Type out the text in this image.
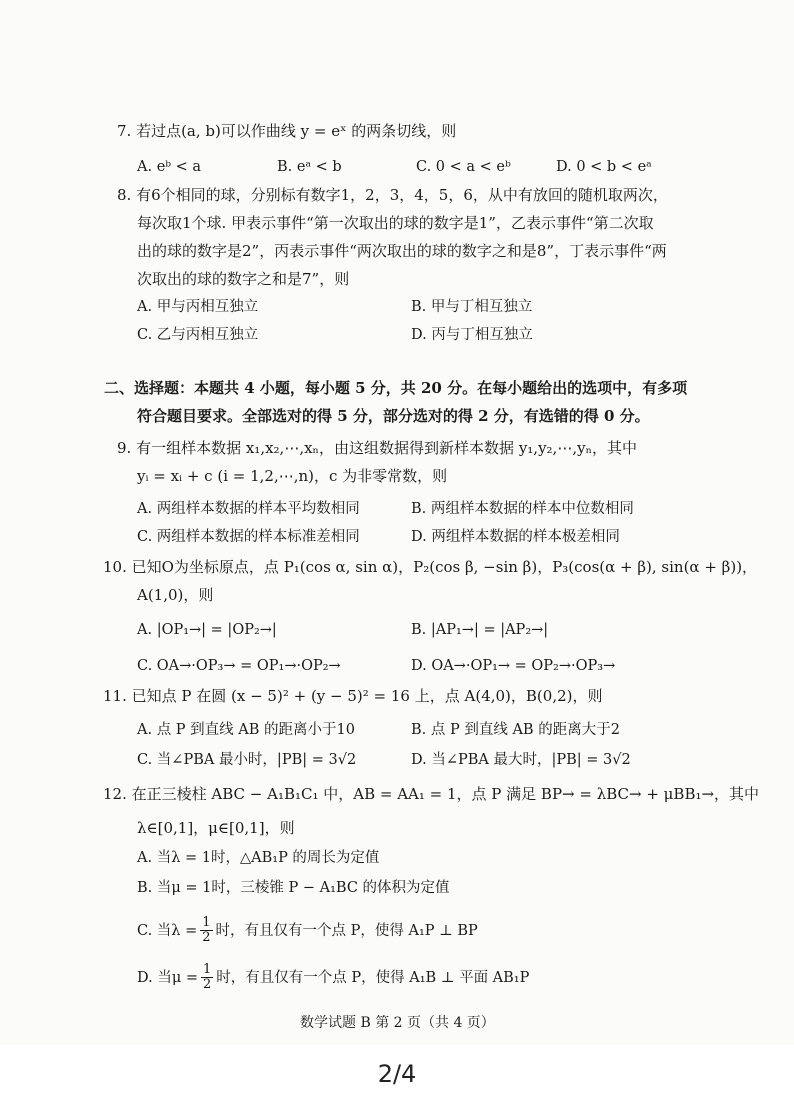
7. 若过点(a, b)可以作曲线 y = eˣ 的两条切线，则
A. eᵇ < a	B. eᵃ < b	C. 0 < a < eᵇ	D. 0 < b < eᵃ
8. 有6个相同的球，分别标有数字1，2，3，4，5，6，从中有放回的随机取两次，
每次取1个球. 甲表示事件“第一次取出的球的数字是1”，乙表示事件“第二次取
出的球的数字是2”，丙表示事件“两次取出的球的数字之和是8”，丁表示事件“两
次取出的球的数字之和是7”，则
A. 甲与丙相互独立	B. 甲与丁相互独立
C. 乙与丙相互独立	D. 丙与丁相互独立
二、选择题：本题共 4 小题，每小题 5 分，共 20 分。在每小题给出的选项中，有多项
符合题目要求。全部选对的得 5 分，部分选对的得 2 分，有选错的得 0 分。
9. 有一组样本数据 x₁,x₂,⋯,xₙ，由这组数据得到新样本数据 y₁,y₂,⋯,yₙ，其中
yᵢ = xᵢ + c (i = 1,2,⋯,n)，c 为非零常数，则
A. 两组样本数据的样本平均数相同	B. 两组样本数据的样本中位数相同
C. 两组样本数据的样本标准差相同	D. 两组样本数据的样本极差相同
10. 已知O为坐标原点，点 P₁(cos α, sin α)，P₂(cos β, −sin β)，P₃(cos(α + β), sin(α + β))，
A(1,0)，则
A. |OP₁→| = |OP₂→|	B. |AP₁→| = |AP₂→|
C. OA→·OP₃→ = OP₁→·OP₂→	D. OA→·OP₁→ = OP₂→·OP₃→
11. 已知点 P 在圆 (x − 5)² + (y − 5)² = 16 上，点 A(4,0)，B(0,2)，则
A. 点 P 到直线 AB 的距离小于10	B. 点 P 到直线 AB 的距离大于2
C. 当∠PBA 最小时，|PB| = 3√2	D. 当∠PBA 最大时，|PB| = 3√2
12. 在正三棱柱 ABC − A₁B₁C₁ 中，AB = AA₁ = 1，点 P 满足 BP→ = λBC→ + μBB₁→，其中
λ∈[0,1]，μ∈[0,1]，则
A. 当λ = 1时，△AB₁P 的周长为定值
B. 当μ = 1时，三棱锥 P − A₁BC 的体积为定值
C. 当$\lambda = \frac{1}{2}$ 时，有且仅有一个点 P，使得 A₁P ⊥ BP
D. 当$\mu = \frac{1}{2}$ 时，有且仅有一个点 P，使得 A₁B ⊥ 平面 AB₁P
数学试题 B 第 2 页（共 4 页）
2/4
